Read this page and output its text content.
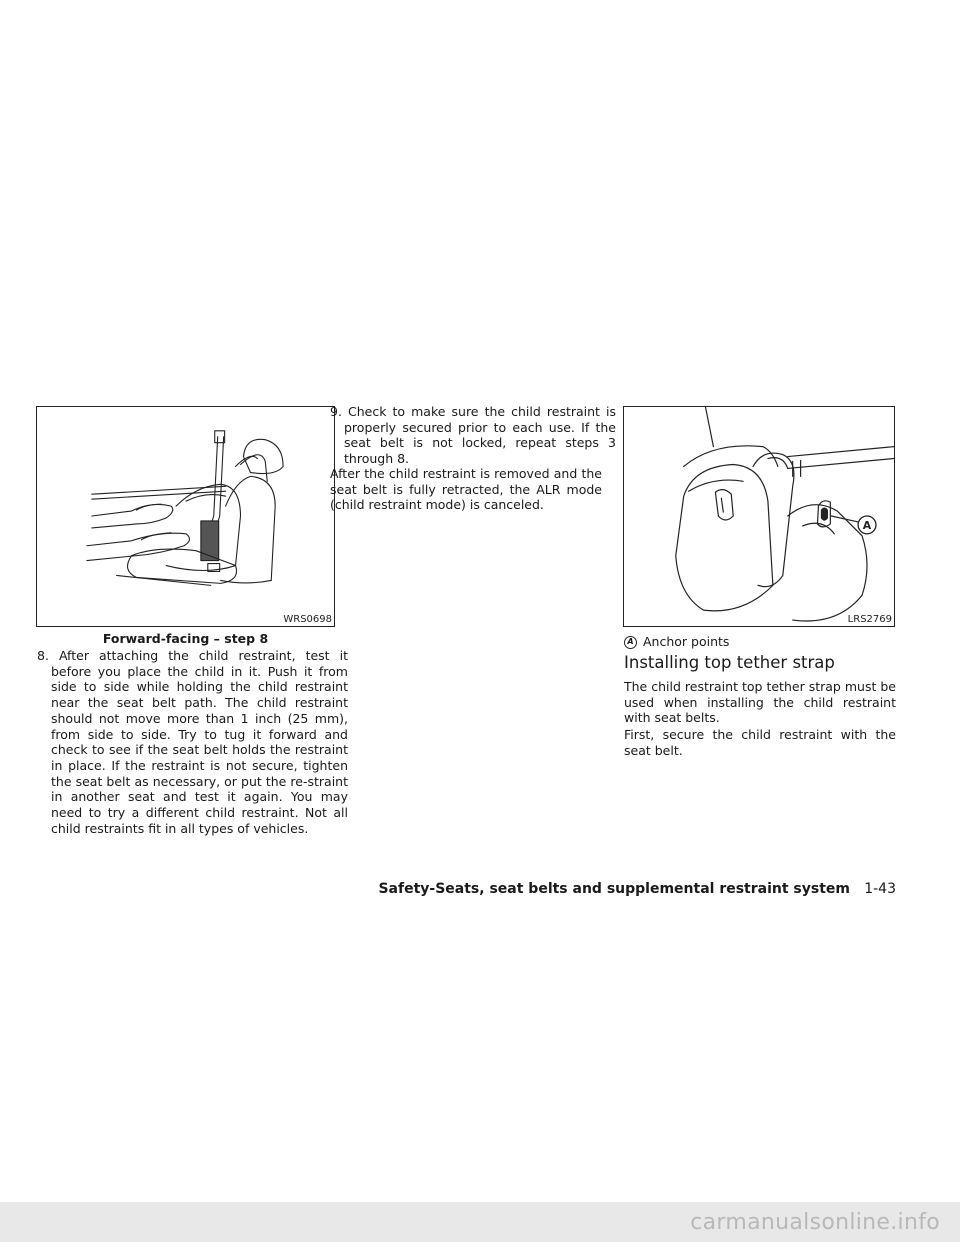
WRS0698
Forward-facing – step 8

8. After attaching the child restraint, test it before you place the child in it. Push it from side to side while holding the child restraint near the seat belt path. The child restraint should not move more than 1 inch (25 mm), from side to side. Try to tug it forward and check to see if the seat belt holds the restraint in place. If the restraint is not secure, tighten the seat belt as necessary, or put the re-straint in another seat and test it again. You may need to try a different child restraint. Not all child restraints fit in all types of vehicles.

9. Check to make sure the child restraint is properly secured prior to each use. If the seat belt is not locked, repeat steps 3 through 8.

After the child restraint is removed and the seat belt is fully retracted, the ALR mode (child restraint mode) is canceled.

A
LRS2769
A Anchor points
Installing top tether strap

The child restraint top tether strap must be used when installing the child restraint with seat belts.

First, secure the child restraint with the seat belt.

Safety-Seats, seat belts and supplemental restraint system 1-43
carmanualsonline.info
